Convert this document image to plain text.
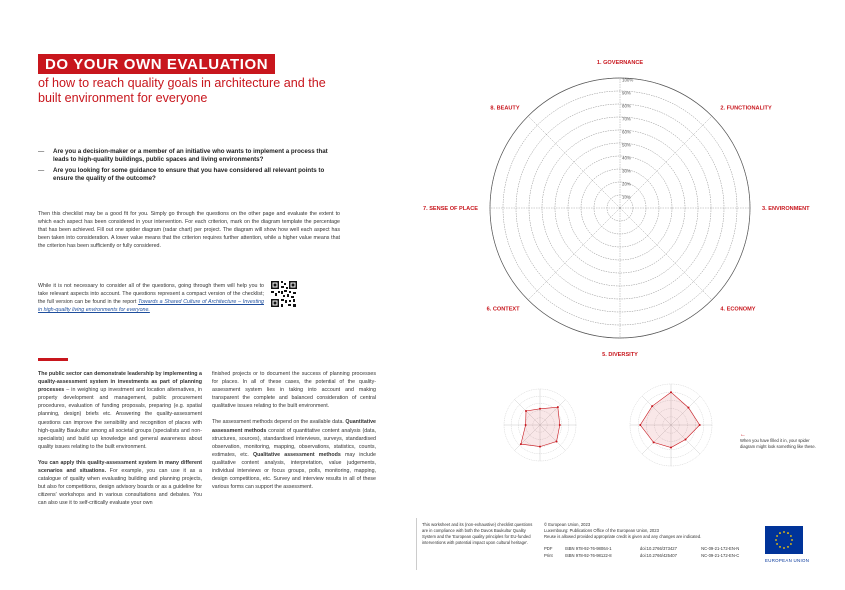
DO YOUR OWN EVALUATION
of how to reach quality goals in architecture and the built environment for everyone
— Are you a decision-maker or a member of an initiative who wants to implement a process that leads to high-quality buildings, public spaces and living environments?
— Are you looking for some guidance to ensure that you have considered all relevant points to ensure the quality of the outcome?
Then this checklist may be a good fit for you. Simply go through the questions on the other page and evaluate the extent to which each aspect has been considered in your intervention. For each criterion, mark on the diagram template the percentage that has been achieved. Fill out one spider diagram (radar chart) per project. The diagram will show how well each aspect has been taken into consideration. A lower value means that the criterion requires further attention, while a higher value means that the criterion has been sufficiently or fully considered.
While it is not necessary to consider all of the questions, going through them will help you to take relevant aspects into account. The questions represent a compact version of the checklist; the full version can be found in the report Towards a Shared Culture of Architecture – Investing in high-quality living environments for everyone.

The public sector can demonstrate leadership by implementing a quality-assessment system in investments as part of planning processes – in weighing up investment and location alternatives, in property development and management, public procurement procedures, evaluation of funding proposals, preparing (e.g. spatial planning, design) briefs etc. Answering the quality-assessment questions can improve the sensibility and recognition of places with high-quality Baukultur among all societal groups (specialists and non-specialists) and build up knowledge and general awareness about quality issues relating to the built environment.

You can apply this quality-assessment system in many different scenarios and situations. For example, you can use it as a catalogue of quality when evaluating building and planning projects, but also for competitions, design advisory boards or as a guideline for citizens' workshops and in various consultations and debates. You can also use it to self-critically evaluate your own

finished projects or to document the success of planning processes for places. In all of these cases, the potential of the quality-assessment system lies in taking into account and making transparent the complete and balanced consideration of central qualitative issues relating to the built environment.

The assessment methods depend on the available data. Quantitative assessment methods consist of quantitative content analysis (data, structures, sources), standardised interviews, surveys, standardised observation, monitoring, mapping, observations, statistics, counts, estimates, etc. Qualitative assessment methods may include qualitative content analysis, interpretation, value judgements, individual interviews or focus groups, polls, monitoring, mapping, design competitions, etc. Survey and interview results in all of these various forms can support the assessment.

10%
20%
30%
40%
50%
60%
70%
80%
90%
100%
1. GOVERNANCE
2. FUNCTIONALITY
3. ENVIRONMENT
4. ECONOMY
5. DIVERSITY
6. CONTEXT
7. SENSE OF PLACE
8. BEAUTY
←
When you have filled it in, your spider diagram might look something like these.
This worksheet and its (non-exhaustive) checklist questions are in compliance with both the Davos Baukultur Quality System and the 'European quality principles for EU-funded interventions with potential impact upon cultural heritage'.
© European Union, 2023
Luxembourg: Publications Office of the European Union, 2023
Reuse is allowed provided appropriate credit is given and any changes are indicated.
PDF	ISBN 978-92-76-98064-1	doi:10.2766/373427	NC-09-21-172-EN-N
Print	ISBN 978-92-76-98122-8	doi:10.2766/425407	NC-09-21-172-EN-C
EUROPEAN UNION
